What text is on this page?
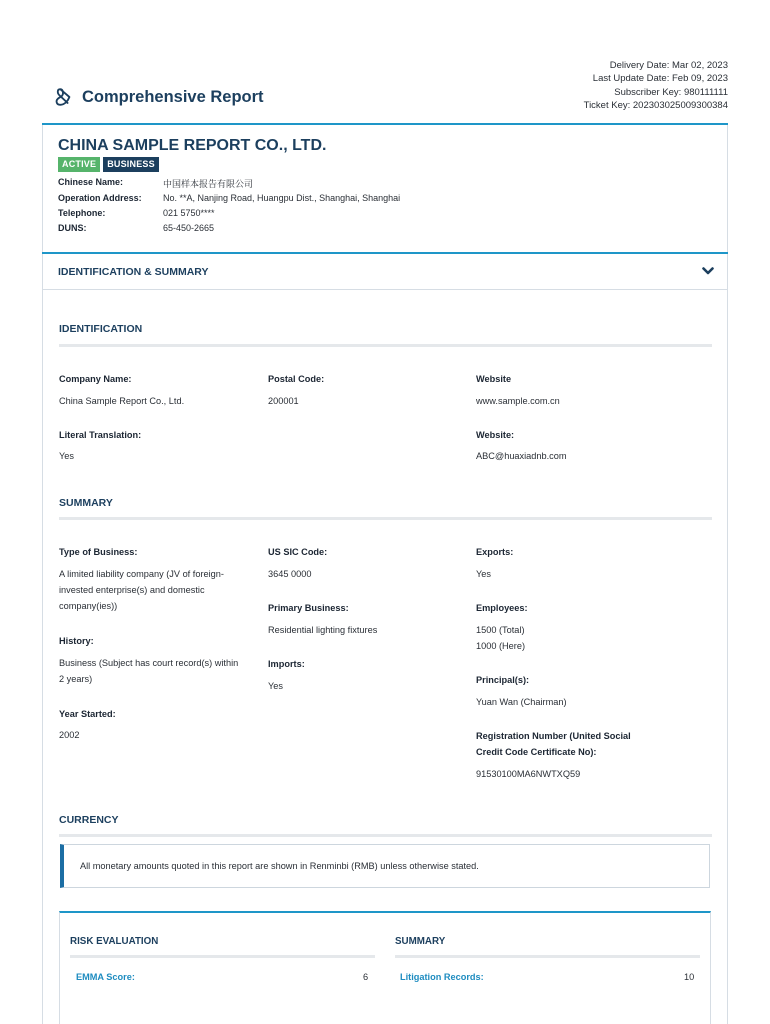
Delivery Date: Mar 02, 2023
Last Update Date: Feb 09, 2023
Subscriber Key: 980111111
Ticket Key: 202303025009300384
Comprehensive Report
CHINA SAMPLE REPORT CO., LTD.
ACTIVE	BUSINESS
Chinese Name:	中国样本报告有限公司
Operation Address:	No. **A, Nanjing Road, Huangpu Dist., Shanghai, Shanghai
Telephone:	021 5750****
DUNS:	65-450-2665
IDENTIFICATION & SUMMARY
IDENTIFICATION
Company Name:
China Sample Report Co., Ltd.
Postal Code:
200001
Website
www.sample.com.cn
Literal Translation:
Yes
Website:
ABC@huaxiadnb.com
SUMMARY
Type of Business:
A limited liability company (JV of foreign-
invested enterprise(s) and domestic
company(ies))
History:
Business (Subject has court record(s) within
2 years)
Year Started:
2002
US SIC Code:
3645 0000
Primary Business:
Residential lighting fixtures
Imports:
Yes
Exports:
Yes
Employees:
1500 (Total)
1000 (Here)
Principal(s):
Yuan Wan (Chairman)
Registration Number (United Social
Credit Code Certificate No):
91530100MA6NWTXQ59
CURRENCY
All monetary amounts quoted in this report are shown in Renminbi (RMB) unless otherwise stated.
RISK EVALUATION	SUMMARY
EMMA Score:	6	Litigation Records:	10
